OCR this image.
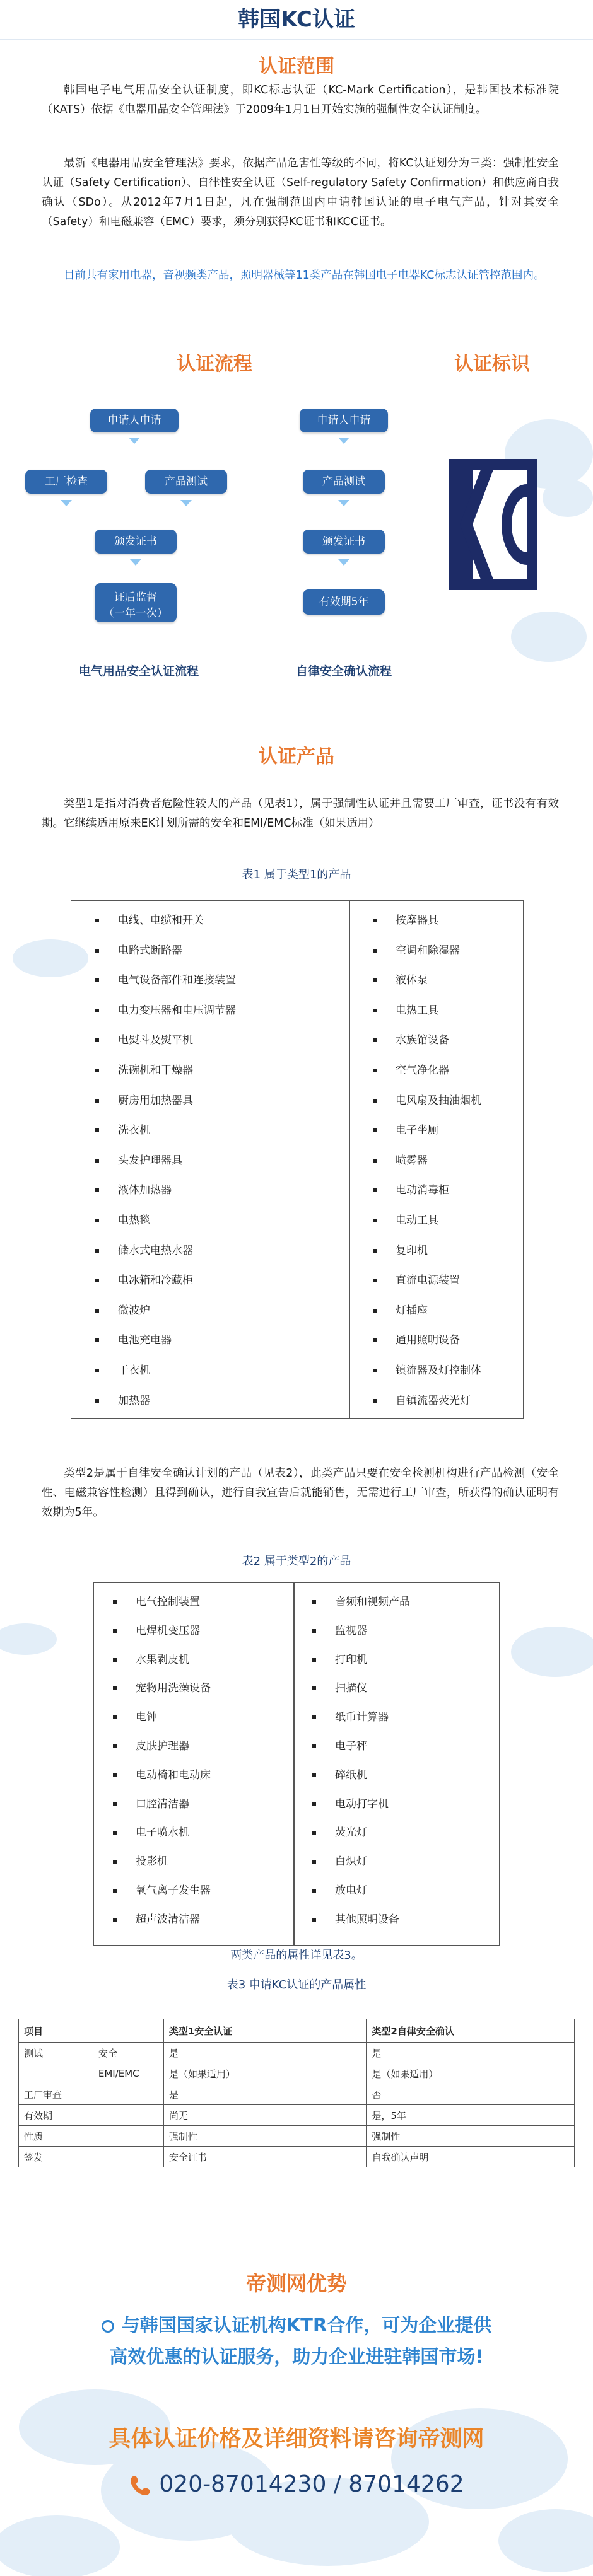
韩国KC认证
认证范围
韩国电子电气用品安全认证制度，即KC标志认证（KC-Mark Certification），是韩国技术标准院（KATS）依据《电器用品安全管理法》于2009年1月1日开始实施的强制性安全认证制度。
最新《电器用品安全管理法》要求，依据产品危害性等级的不同，将KC认证划分为三类：强制性安全认证（Safety Certification）、自律性安全认证（Self-regulatory Safety Confirmation）和供应商自我确认（SDo）。从2012年7月1日起，凡在强制范围内申请韩国认证的电子电气产品，针对其安全（Safety）和电磁兼容（EMC）要求，须分别获得KC证书和KCC证书。
目前共有家用电器，音视频类产品，照明器械等11类产品在韩国电子电器KC标志认证管控范围内。
认证流程	认证标识
申请人申请
工厂检查	产品测试
颁发证书
证后监督
（一年一次）
电气用品安全认证流程
申请人申请
产品测试
颁发证书
有效期5年
自律安全确认流程
认证产品
类型1是指对消费者危险性较大的产品（见表1），属于强制性认证并且需要工厂审查，证书没有有效期。它继续适用原来EK计划所需的安全和EMI/EMC标准（如果适用）
表1 属于类型1的产品
电线、电缆和开关
电路式断路器
电气设备部件和连接装置
电力变压器和电压调节器
电熨斗及熨平机
洗碗机和干燥器
厨房用加热器具
洗衣机
头发护理器具
液体加热器
电热毯
储水式电热水器
电冰箱和冷藏柜
微波炉
电池充电器
干衣机
加热器
按摩器具
空调和除湿器
液体泵
电热工具
水族馆设备
空气净化器
电风扇及抽油烟机
电子坐厕
喷雾器
电动消毒柜
电动工具
复印机
直流电源装置
灯插座
通用照明设备
镇流器及灯控制体
自镇流器荧光灯
类型2是属于自律安全确认计划的产品（见表2），此类产品只要在安全检测机构进行产品检测（安全性、电磁兼容性检测）且得到确认，进行自我宣告后就能销售，无需进行工厂审查，所获得的确认证明有效期为5年。
表2 属于类型2的产品
电气控制装置
电焊机变压器
水果剥皮机
宠物用洗澡设备
电钟
皮肤护理器
电动椅和电动床
口腔清洁器
电子喷水机
投影机
氧气离子发生器
超声波清洁器
音频和视频产品
监视器
打印机
扫描仪
纸币计算器
电子秤
碎纸机
电动打字机
荧光灯
白炽灯
放电灯
其他照明设备
两类产品的属性详见表3。
表3 申请KC认证的产品属性
项目		类型1安全认证	类型2自律安全确认
测试	安全	是	是
	EMI/EMC	是（如果适用）	是（如果适用）
工厂审查		是	否
有效期		尚无	是，5年
性质		强制性	强制性
签发		安全证书	自我确认声明
帝测网优势
与韩国国家认证机构KTR合作，可为企业提供
高效优惠的认证服务，助力企业进驻韩国市场!
具体认证价格及详细资料请咨询帝测网
020-87014230 / 87014262
